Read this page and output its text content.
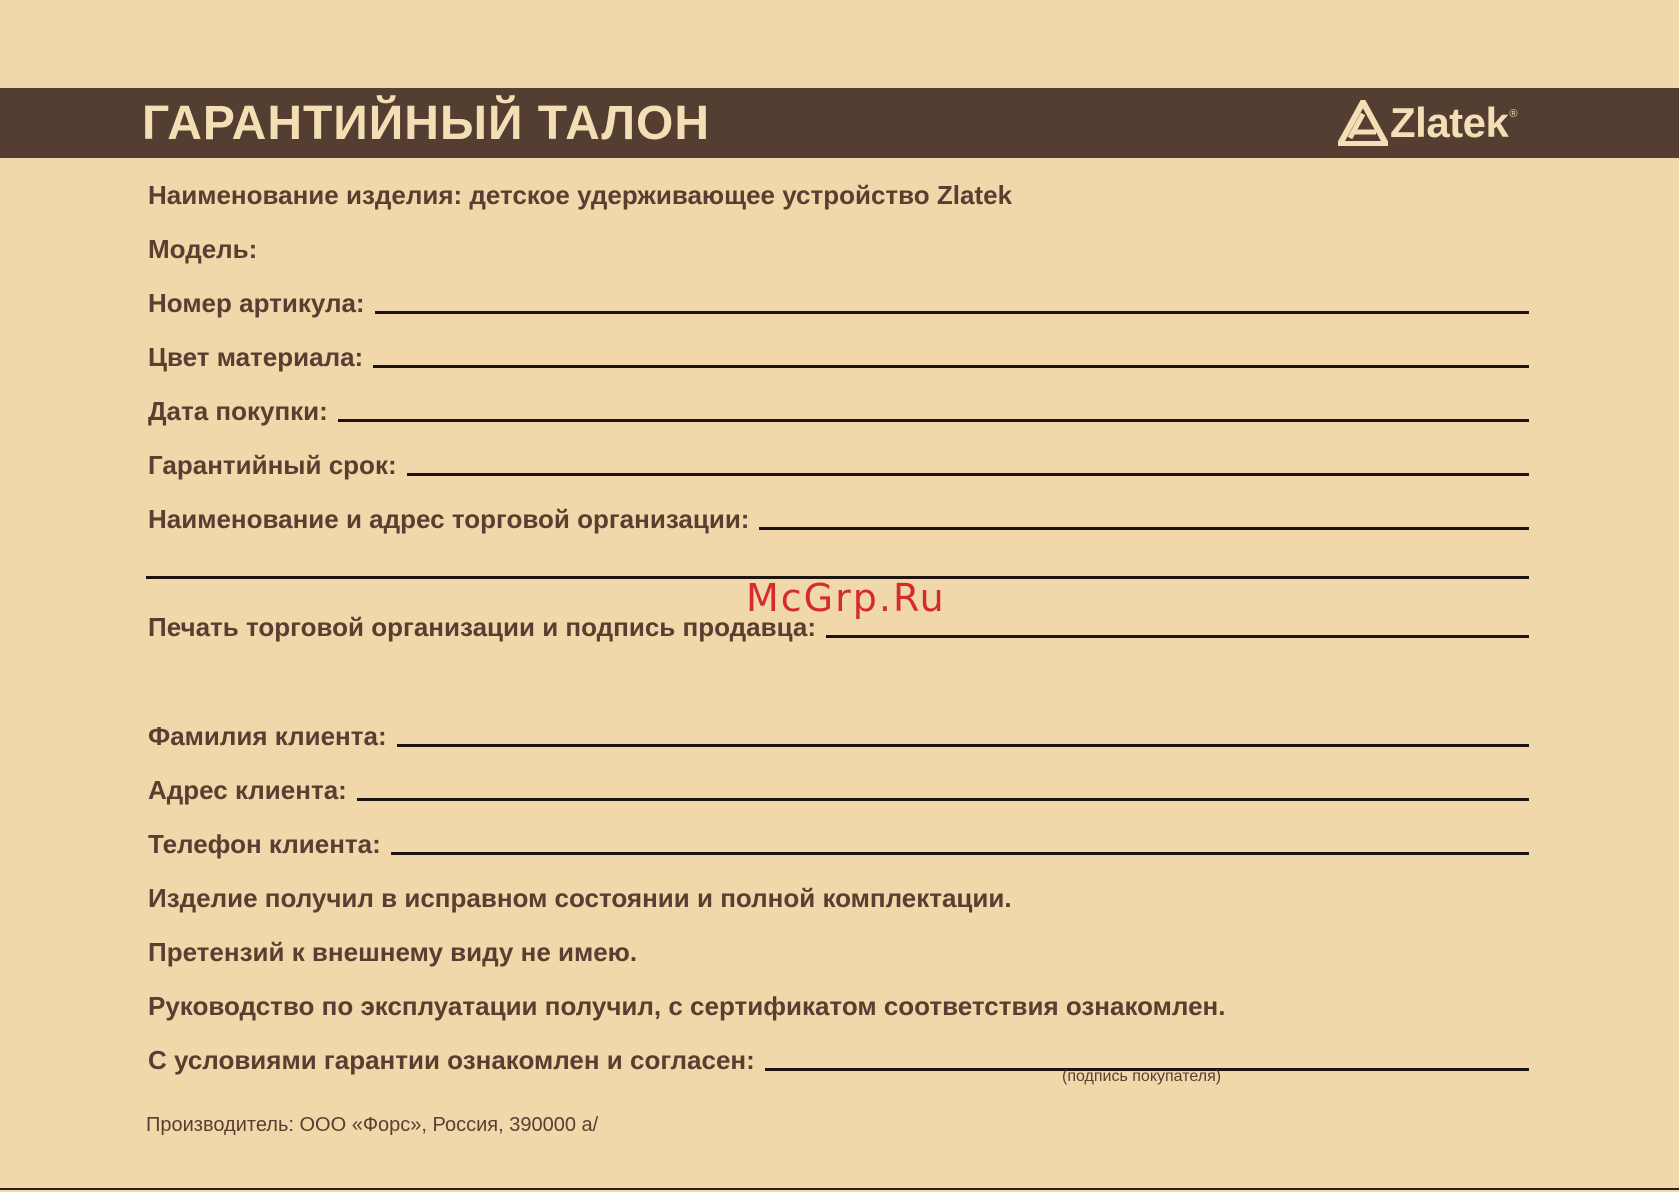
ГАРАНТИЙНЫЙ ТАЛОН	Zlatek ®
Наименование изделия: детское удерживающее устройство Zlatek
Модель:
Номер артикула:
Цвет материала:
Дата покупки:
Гарантийный срок:
Наименование и адрес торговой организации:
McGrp.Ru
Печать торговой организации и подпись продавца:
Фамилия клиента:
Адрес клиента:
Телефон клиента:
Изделие получил в исправном состоянии и полной комплектации.
Претензий к внешнему виду не имею.
Руководство по эксплуатации получил, с сертификатом соответствия ознакомлен.
С условиями гарантии ознакомлен и согласен:
(подпись покупателя)
Производитель: ООО «Форс», Россия, 390000 а/
